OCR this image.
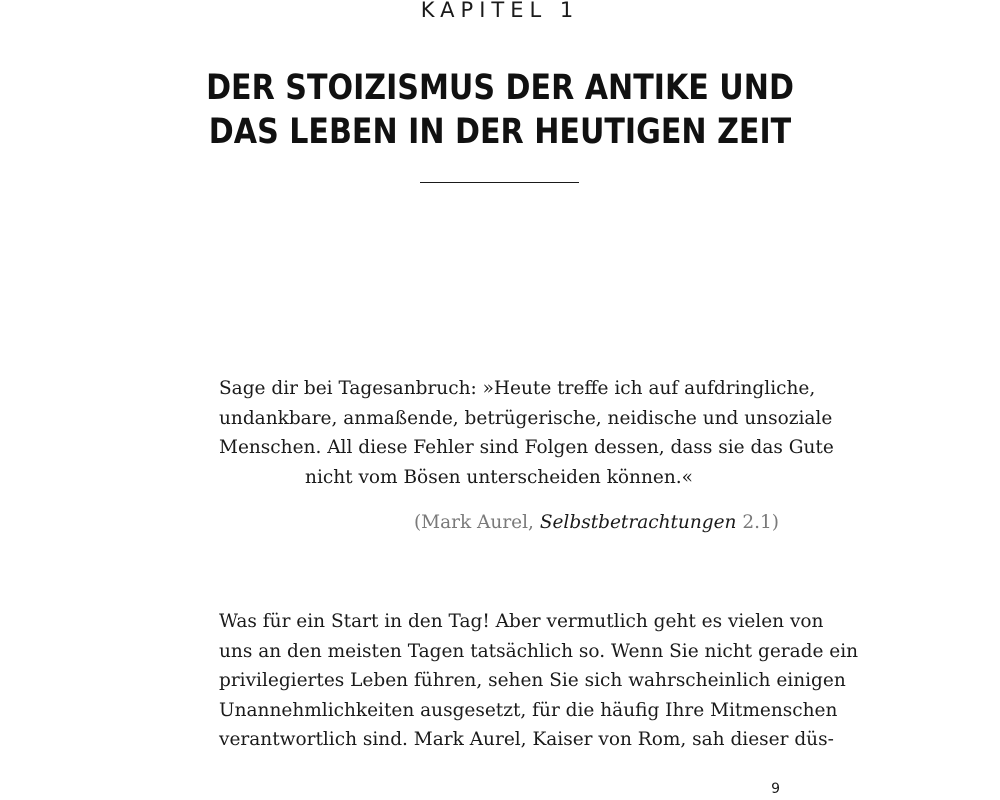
KAPITEL 1
DER STOIZISMUS DER ANTIKE UND
DAS LEBEN IN DER HEUTIGEN ZEIT

Sage dir bei Tagesanbruch: »Heute treffe ich auf aufdringliche,
undankbare, anmaßende, betrügerische, neidische und unsoziale
Menschen. All diese Fehler sind Folgen dessen, dass sie das Gute
nicht vom Bösen unterscheiden können.«

(Mark Aurel, Selbstbetrachtungen 2.1)

Was für ein Start in den Tag! Aber vermutlich geht es vielen von
uns an den meisten Tagen tatsächlich so. Wenn Sie nicht gerade ein
privilegiertes Leben führen, sehen Sie sich wahrscheinlich einigen
Unannehmlichkeiten ausgesetzt, für die häufig Ihre Mitmenschen
verantwortlich sind. Mark Aurel, Kaiser von Rom, sah dieser düs-

9
